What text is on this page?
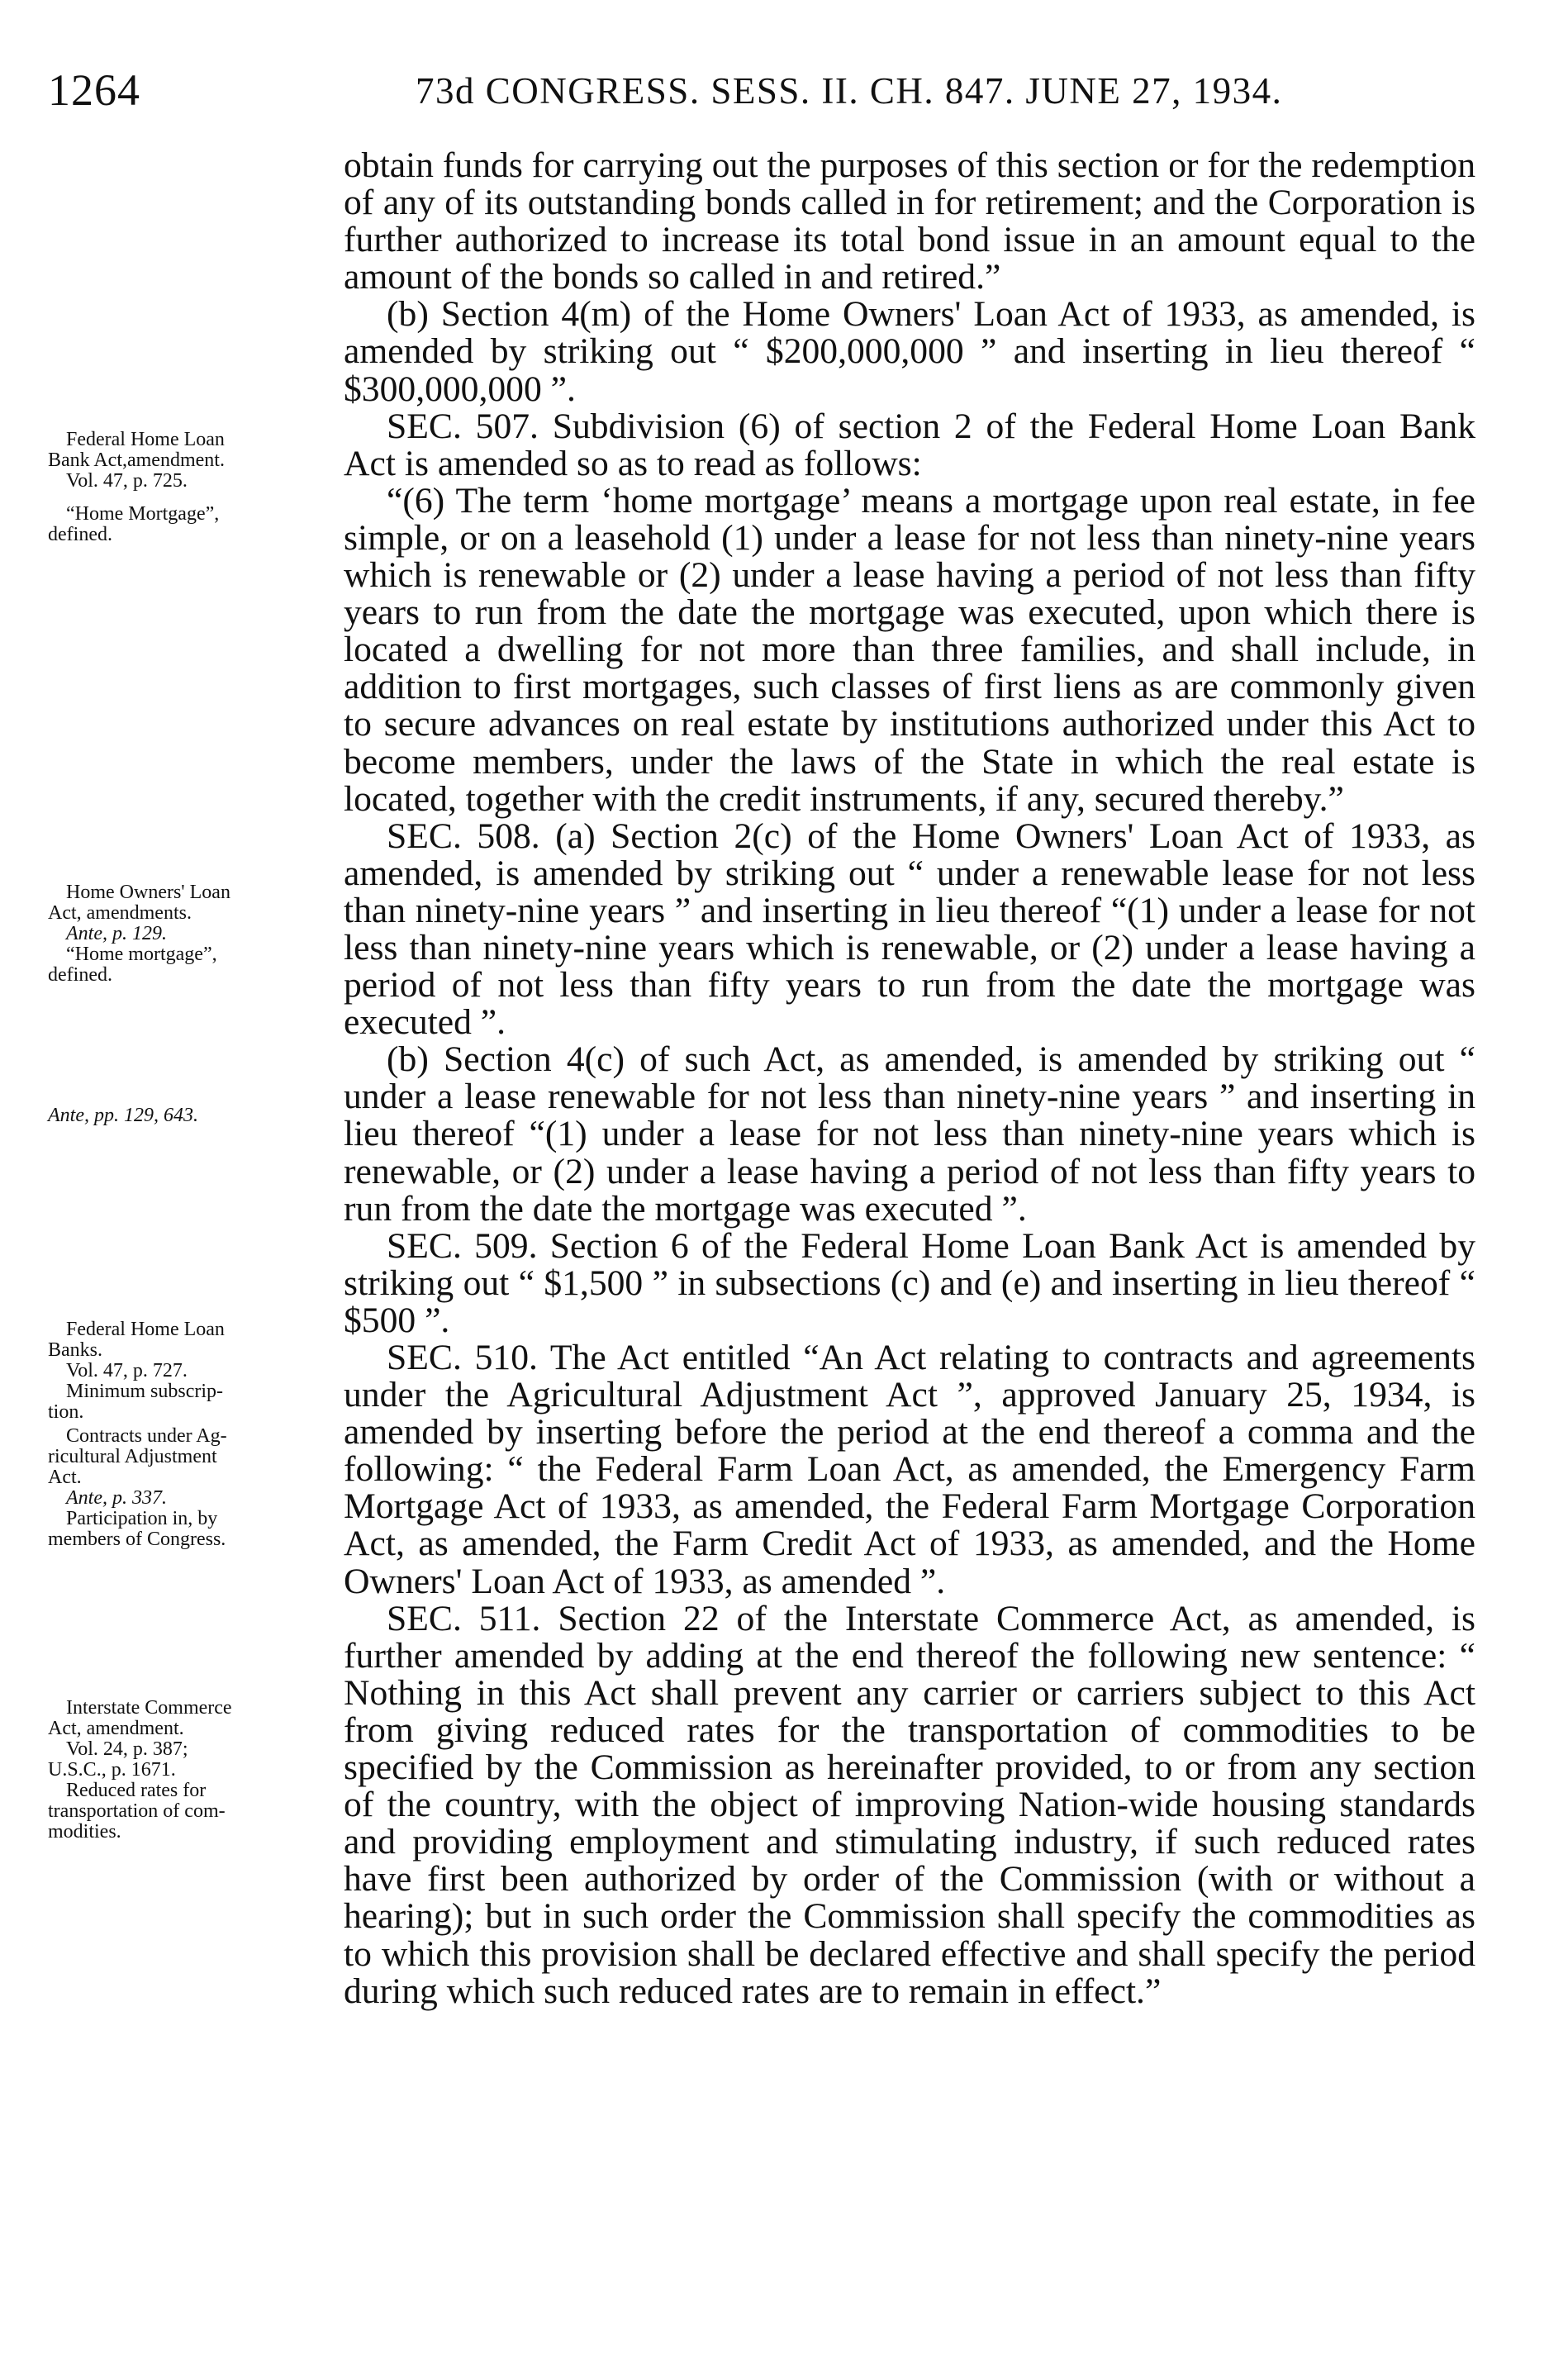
1264	73d CONGRESS. SESS. II. CH. 847. JUNE 27, 1934.
Federal Home Loan
Bank Act,amendment.
Vol. 47, p. 725.
“Home Mortgage”,
defined.
Home Owners' Loan
Act, amendments.
Ante, p. 129.
“Home mortgage”,
defined.
Ante, pp. 129, 643.
Federal Home Loan
Banks.
Vol. 47, p. 727.
Minimum subscrip-
tion.
Contracts under Ag-
ricultural Adjustment
Act.
Ante, p. 337.
Participation in, by
members of Congress.
Interstate Commerce
Act, amendment.
Vol. 24, p. 387;
U.S.C., p. 1671.
Reduced rates for
transportation of com-
modities.

obtain funds for carrying out the purposes of this section or for the redemption of any of its outstanding bonds called in for retirement; and the Corporation is further authorized to increase its total bond issue in an amount equal to the amount of the bonds so called in and retired.”

(b) Section 4(m) of the Home Owners' Loan Act of 1933, as amended, is amended by striking out “ $200,000,000 ” and inserting in lieu thereof “ $300,000,000 ”.

SEC. 507. Subdivision (6) of section 2 of the Federal Home Loan Bank Act is amended so as to read as follows:

“(6) The term ‘home mortgage’ means a mortgage upon real estate, in fee simple, or on a leasehold (1) under a lease for not less than ninety-nine years which is renewable or (2) under a lease having a period of not less than fifty years to run from the date the mortgage was executed, upon which there is located a dwelling for not more than three families, and shall include, in addition to first mortgages, such classes of first liens as are commonly given to secure advances on real estate by institutions authorized under this Act to become members, under the laws of the State in which the real estate is located, together with the credit instruments, if any, secured thereby.”

SEC. 508. (a) Section 2(c) of the Home Owners' Loan Act of 1933, as amended, is amended by striking out “ under a renewable lease for not less than ninety-nine years ” and inserting in lieu thereof “(1) under a lease for not less than ninety-nine years which is renewable, or (2) under a lease having a period of not less than fifty years to run from the date the mortgage was executed ”.

(b) Section 4(c) of such Act, as amended, is amended by striking out “ under a lease renewable for not less than ninety-nine years ” and inserting in lieu thereof “(1) under a lease for not less than ninety-nine years which is renewable, or (2) under a lease having a period of not less than fifty years to run from the date the mortgage was executed ”.

SEC. 509. Section 6 of the Federal Home Loan Bank Act is amended by striking out “ $1,500 ” in subsections (c) and (e) and inserting in lieu thereof “ $500 ”.

SEC. 510. The Act entitled “An Act relating to contracts and agreements under the Agricultural Adjustment Act ”, approved January 25, 1934, is amended by inserting before the period at the end thereof a comma and the following: “ the Federal Farm Loan Act, as amended, the Emergency Farm Mortgage Act of 1933, as amended, the Federal Farm Mortgage Corporation Act, as amended, the Farm Credit Act of 1933, as amended, and the Home Owners' Loan Act of 1933, as amended ”.

SEC. 511. Section 22 of the Interstate Commerce Act, as amended, is further amended by adding at the end thereof the following new sentence: “ Nothing in this Act shall prevent any carrier or carriers subject to this Act from giving reduced rates for the transportation of commodities to be specified by the Commission as hereinafter provided, to or from any section of the country, with the object of improving Nation-wide housing standards and providing employment and stimulating industry, if such reduced rates have first been authorized by order of the Commission (with or without a hearing); but in such order the Commission shall specify the commodities as to which this provision shall be declared effective and shall specify the period during which such reduced rates are to remain in effect.”
